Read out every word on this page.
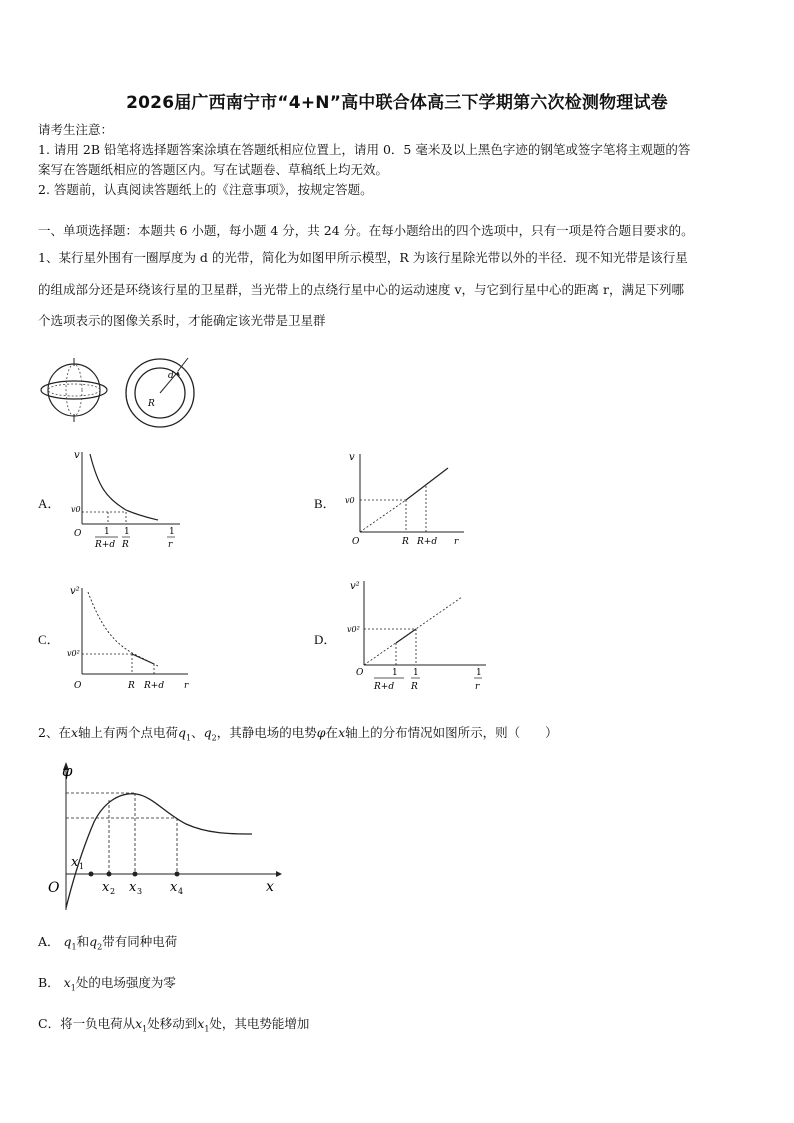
2026届广西南宁市“4+N”高中联合体高三下学期第六次检测物理试卷
请考生注意：
1. 请用 2B 铅笔将选择题答案涂填在答题纸相应位置上，请用 0．5 毫米及以上黑色字迹的钢笔或签字笔将主观题的答
案写在答题纸相应的答题区内。写在试题卷、草稿纸上均无效。
2. 答题前，认真阅读答题纸上的《注意事项》，按规定答题。
一、单项选择题：本题共 6 小题，每小题 4 分，共 24 分。在每小题给出的四个选项中，只有一项是符合题目要求的。
1、某行星外围有一圈厚度为 d 的光带，简化为如图甲所示模型，R 为该行星除光带以外的半径．现不知光带是该行星
的组成部分还是环绕该行星的卫星群，当光带上的点绕行星中心的运动速度 v，与它到行星中心的距离 r，满足下列哪
个选项表示的图像关系时，才能确定该光带是卫星群
d
R
A．
v
v0
O	1
R+d
1
R
1
r
B．
v
v0
O	R R+d r
C．
v²
v0²
O	R R+d r
D．
v²
v0²
O	1
R+d
1
R
1
r
2、在x轴上有两个点电荷$q_1$、$q_2$，其静电场的电势φ在x轴上的分布情况如图所示，则（　　）
φ
O	x
x 1
x 2 x 3 x 4
A． $q_1$和$q_2$带有同种电荷
B． $x_1$处的电场强度为零
C．将一负电荷从$x_1$处移动到$x_1$处，其电势能增加
